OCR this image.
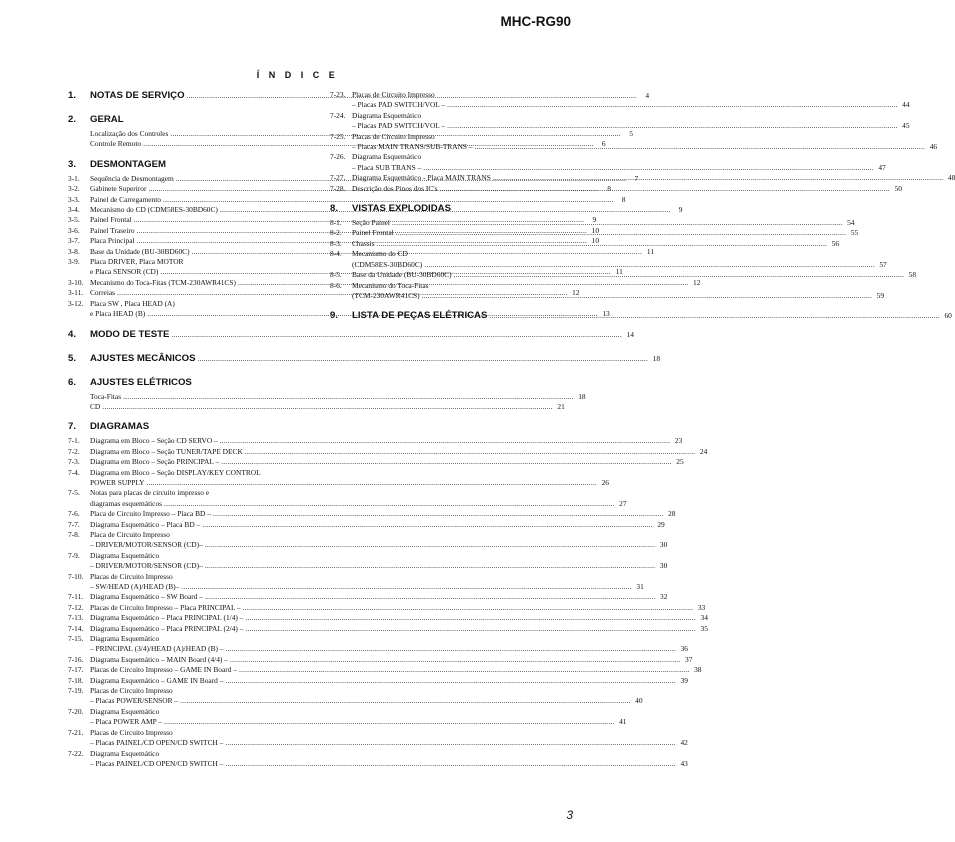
MHC-RG90
Í N D I C E
1.	NOTAS DE SERVIÇO .....	4
2.	GERAL
Localização dos Controles .....	5
Controle Remoto .....	6
3.	DESMONTAGEM
3-1.	Sequência de Desmontagem .....	7
3-2.	Gabinete Superiror .....	8
3-3.	Painel de Carregamento .....	8
3-4.	Mecanismo do CD (CDM58ES-30BD60C) .....	9
3-5.	Painel Frontal .....	9
3-6.	Painel Traseiro .....	10
3-7.	Placa Principal .....	10
3-8.	Base da Unidade (BU-30BD60C) .....	11
3-9.	Placa DRIVER, Placa MOTOR
e Placa SENSOR (CD) .....	11
3-10. Mecanismo do Toca-Fitas (TCM-230AWR41CS) .....	12
3-11. Correias .....	12
3-12. Placa SW , Placa HEAD (A)
e Placa HEAD (B) .....	13
4.	MODO DE TESTE .....	14
5.	AJUSTES MECÂNICOS .....	18
6.	AJUSTES ELÉTRICOS
Toca-Fitas .....	18
CD .....	21
7.	DIAGRAMAS
7-1.	Diagrama em Bloco – Seção CD SERVO – .....	23
7-2.	Diagrama em Bloco – Seção TUNER/TAPE DECK .....	24
7-3.	Diagrama em Bloco – Seção PRINCIPAL – .....	25
7-4.	Diagrama em Bloco – Seção DISPLAY/KEY CONTROL
POWER SUPPLY .....	26
7-5.	Notas para placas de circuito impresso e
diagramas esquemáticos .....	27
7-6.	Placa de Circuito Impresso – Placa BD – .....	28
7-7.	Diagrama Esquemático – Placa BD – .....	29
7-8.	Placa de Circuito Impresso
– DRIVER/MOTOR/SENSOR (CD)– .....	30
7-9.	Diagrama Esquemático
– DRIVER/MOTOR/SENSOR (CD)– .....	30
7-10. Placas de Circuito Impresso
– SW/HEAD (A)/HEAD (B)– .....	31
7-11. Diagrama Esquemático – SW Board – .....	32
7-12. Placas de Circuito Impresso – Placa PRINCIPAL – .....	33
7-13. Diagrama Esquemático – Placa PRINCIPAL (1/4) – .....	34
7-14. Diagrama Esquemático – Placa PRINCIPAL (2/4) – .....	35
7-15. Diagrama Esquemático
– PRINCIPAL (3/4)/HEAD (A)/HEAD (B) – .....	36
7-16. Diagrama Esquemático – MAIN Board (4/4) – .....	37
7-17. Placas de Circuito Impresso – GAME IN Board – .....	38
7-18. Diagrama Esquemático – GAME IN Board – .....	39
7-19. Placas de Circuito Impresso
– Placas POWER/SENSOR – .....	40
7-20. Diagrama Esquemático
– Placa POWER AMP – .....	41
7-21. Placas de Circuito Impresso
– Placas PAINEL/CD OPEN/CD SWITCH – .....	42
7-22. Diagrama Esquemático
– Placas PAINEL/CD OPEN/CD SWITCH – .....	43
7-23. Placas de Circuito Impresso
– Placas PAD SWITCH/VOL – .....	44
7-24. Diagrama Esquemático
– Placas PAD SWITCH/VOL – .....	45
7-25. Placas de Circuito Impresso
– Placas MAIN TRANS/SUB-TRANS – .....	46
7-26. Diagrama Esquemático
– Placa SUB TRANS – .....	47
7-27. Diagrama Esquemático - Placa MAIN TRANS .....	48
7-28. Descrição dos Pinos dos IC's .....	50
8.	VISTAS EXPLODIDAS
8-1.	Seção Painel .....	54
8-2.	Painel Frontal .....	55
8-3.	Chassis .....	56
8-4.	Mecanismo do CD
(CDM58ES-30BD60C) .....	57
8-5.	Base da Unidade (BU-30BD60C) .....	58
8-6.	Mecanismo do Toca-Fitas
(TCM-230AWR41CS) .....	59
9.	LISTA DE PEÇAS ELÉTRICAS .....	60
3
